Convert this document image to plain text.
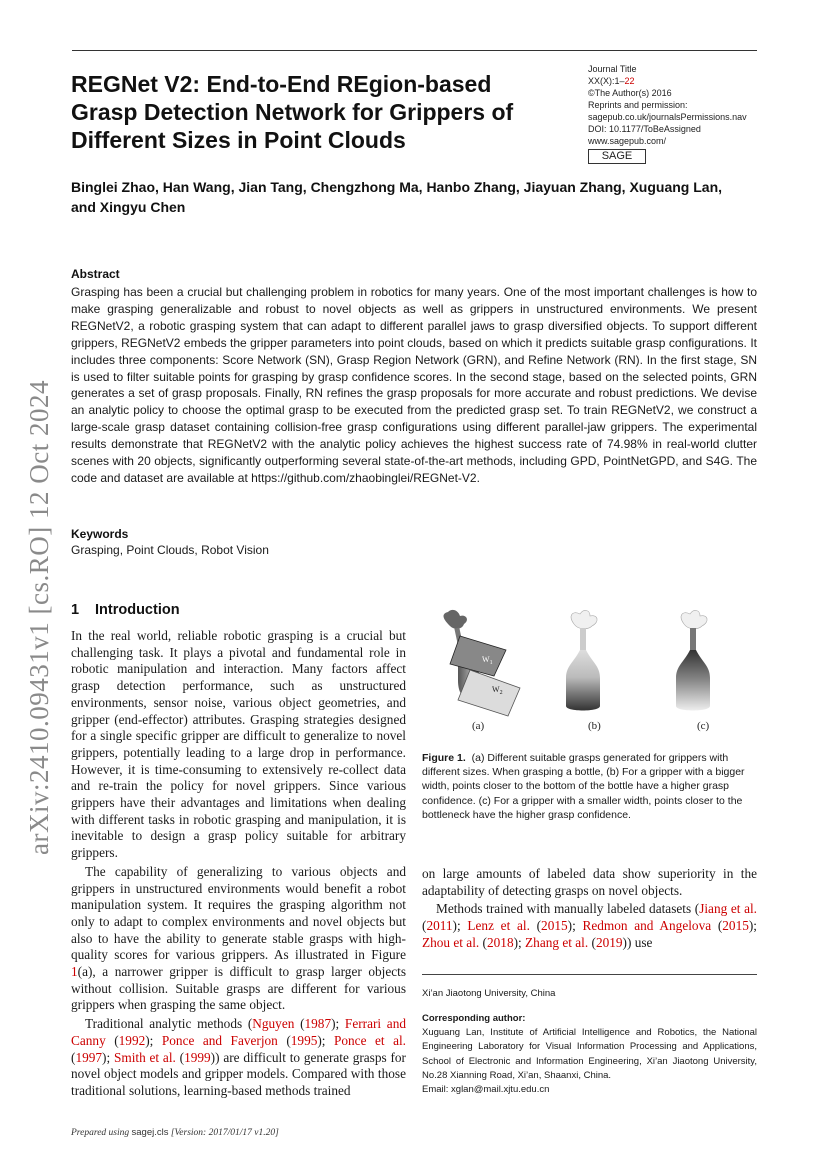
REGNet V2: End-to-End REgion-based Grasp Detection Network for Grippers of Different Sizes in Point Clouds
Journal Title
XX(X):1–22
©The Author(s) 2016
Reprints and permission:
sagepub.co.uk/journalsPermissions.nav
DOI: 10.1177/ToBeAssigned
www.sagepub.com/
SAGE

Binglei Zhao, Han Wang, Jian Tang, Chengzhong Ma, Hanbo Zhang, Jiayuan Zhang, Xuguang Lan, and Xingyu Chen

Abstract

Grasping has been a crucial but challenging problem in robotics for many years. One of the most important challenges is how to make grasping generalizable and robust to novel objects as well as grippers in unstructured environments. We present REGNetV2, a robotic grasping system that can adapt to different parallel jaws to grasp diversified objects. To support different grippers, REGNetV2 embeds the gripper parameters into point clouds, based on which it predicts suitable grasp configurations. It includes three components: Score Network (SN), Grasp Region Network (GRN), and Refine Network (RN). In the first stage, SN is used to filter suitable points for grasping by grasp confidence scores. In the second stage, based on the selected points, GRN generates a set of grasp proposals. Finally, RN refines the grasp proposals for more accurate and robust predictions. We devise an analytic policy to choose the optimal grasp to be executed from the predicted grasp set. To train REGNetV2, we construct a large-scale grasp dataset containing collision-free grasp configurations using different parallel-jaw grippers. The experimental results demonstrate that REGNetV2 with the analytic policy achieves the highest success rate of 74.98% in real-world clutter scenes with 20 objects, significantly outperforming several state-of-the-art methods, including GPD, PointNetGPD, and S4G. The code and dataset are available at https://github.com/zhaobinglei/REGNet-V2.

Keywords

Grasping, Point Clouds, Robot Vision

arXiv:2410.09431v1 [cs.RO] 12 Oct 2024 1 Introduction

In the real world, reliable robotic grasping is a crucial but challenging task. It plays a pivotal and fundamental role in robotic manipulation and interaction. Many factors affect grasp detection performance, such as unstructured environments, sensor noise, various object geometries, and gripper (end-effector) attributes. Grasping strategies designed for a single specific gripper are difficult to generalize to novel grippers, potentially leading to a large drop in performance. However, it is time-consuming to extensively re-collect data and re-train the policy for novel grippers. Since various grippers have their advantages and limitations when dealing with different tasks in robotic grasping and manipulation, it is inevitable to design a grasp policy suitable for arbitrary grippers.

The capability of generalizing to various objects and grippers in unstructured environments would benefit a robot manipulation system. It requires the grasping algorithm not only to adapt to complex environments and novel objects but also to have the ability to generate stable grasps with high-quality scores for various grippers. As illustrated in Figure 1(a), a narrower gripper is difficult to grasp larger objects without collision. Suitable grasps are different for various grippers when grasping the same object.

Traditional analytic methods (Nguyen (1987); Ferrari and Canny (1992); Ponce and Faverjon (1995); Ponce et al. (1997); Smith et al. (1999)) are difficult to generate grasps for novel object models and gripper models. Compared with those traditional solutions, learning-based methods trained

$W_1$
$W_2$
(a)	(b)	(c)

Figure 1. (a) Different suitable grasps generated for grippers with different sizes. When grasping a bottle, (b) For a gripper with a bigger width, points closer to the bottom of the bottle have a higher grasp confidence. (c) For a gripper with a smaller width, points closer to the bottleneck have the higher grasp confidence.

on large amounts of labeled data show superiority in the adaptability of detecting grasps on novel objects.

Methods trained with manually labeled datasets (Jiang et al. (2011); Lenz et al. (2015); Redmon and Angelova (2015); Zhou et al. (2018); Zhang et al. (2019)) use

Xi’an Jiaotong University, China

Corresponding author:

Xuguang Lan, Institute of Artificial Intelligence and Robotics, the National Engineering Laboratory for Visual Information Processing and Applications, School of Electronic and Information Engineering, Xi’an Jiaotong University, No.28 Xianning Road, Xi’an, Shaanxi, China.

Email: xglan@mail.xjtu.edu.cn

Prepared using sagej.cls [Version: 2017/01/17 v1.20]
